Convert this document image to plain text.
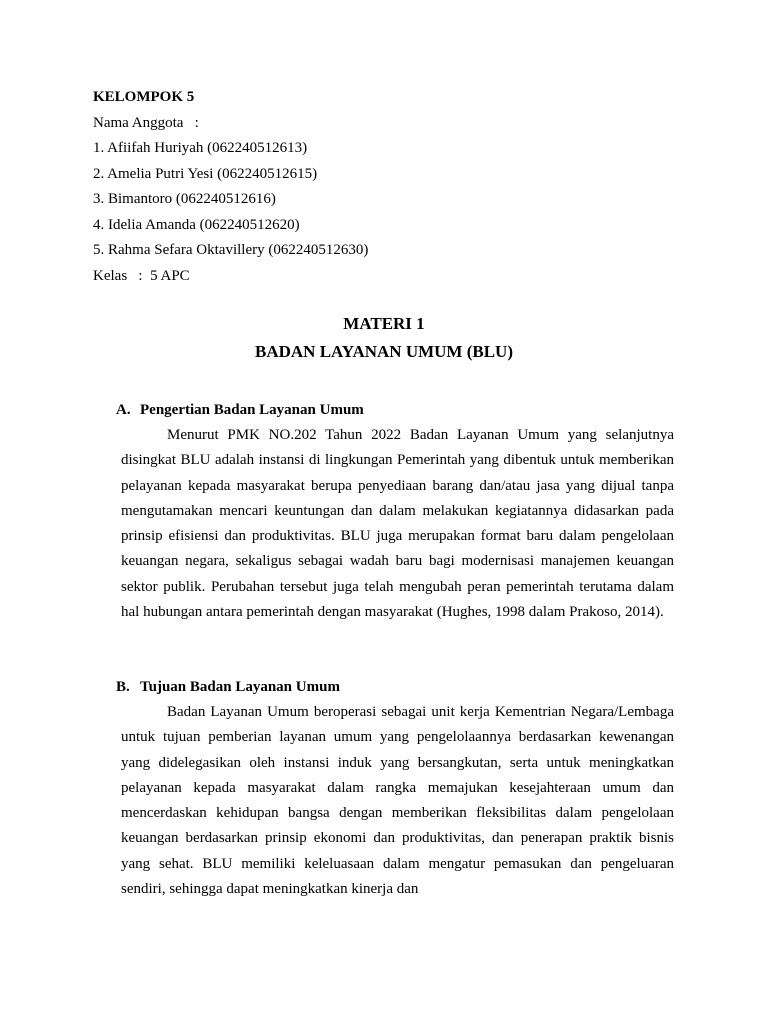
KELOMPOK 5
Nama Anggota   :
1. Afiifah Huriyah (062240512613)
2. Amelia Putri Yesi (062240512615)
3. Bimantoro (062240512616)
4. Idelia Amanda (062240512620)
5. Rahma Sefara Oktavillery (062240512630)
Kelas   :  5 APC
MATERI 1
BADAN LAYANAN UMUM (BLU)
A. Pengertian Badan Layanan Umum

Menurut PMK NO.202 Tahun 2022 Badan Layanan Umum yang selanjutnya disingkat BLU adalah instansi di lingkungan Pemerintah yang dibentuk untuk memberikan pelayanan kepada masyarakat berupa penyediaan barang dan/atau jasa yang dijual tanpa mengutamakan mencari keuntungan dan dalam melakukan kegiatannya didasarkan pada prinsip efisiensi dan produktivitas. BLU juga merupakan format baru dalam pengelolaan keuangan negara, sekaligus sebagai wadah baru bagi modernisasi manajemen keuangan sektor publik. Perubahan tersebut juga telah mengubah peran pemerintah terutama dalam hal hubungan antara pemerintah dengan masyarakat (Hughes, 1998 dalam Prakoso, 2014).

B. Tujuan Badan Layanan Umum

Badan Layanan Umum beroperasi sebagai unit kerja Kementrian Negara/Lembaga untuk tujuan pemberian layanan umum yang pengelolaannya berdasarkan kewenangan yang didelegasikan oleh instansi induk yang bersangkutan, serta untuk meningkatkan pelayanan kepada masyarakat dalam rangka memajukan kesejahteraan umum dan mencerdaskan kehidupan bangsa dengan memberikan fleksibilitas dalam pengelolaan keuangan berdasarkan prinsip ekonomi dan produktivitas, dan penerapan praktik bisnis yang sehat. BLU memiliki keleluasaan dalam mengatur pemasukan dan pengeluaran sendiri, sehingga dapat meningkatkan kinerja dan
